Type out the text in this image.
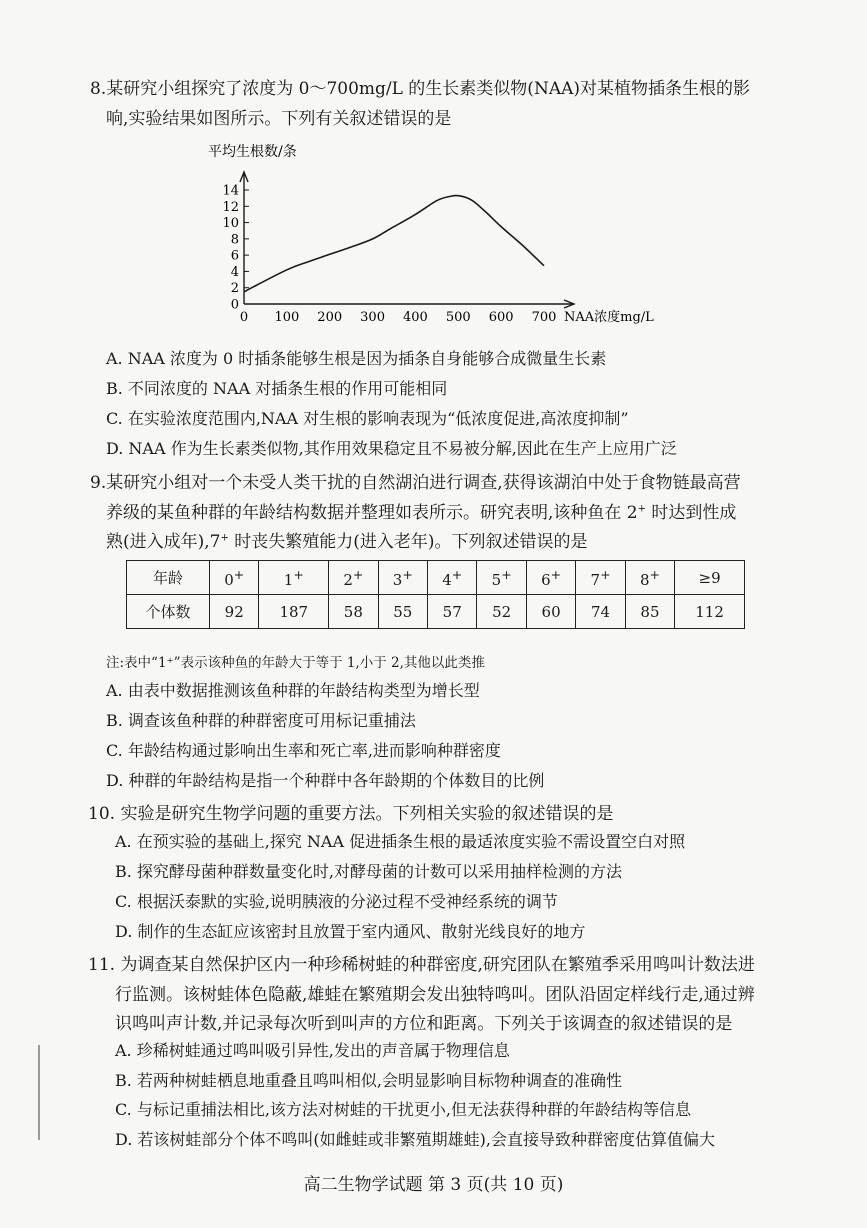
8.某研究小组探究了浓度为 0～700mg/L 的生长素类似物(NAA)对某植物插条生根的影
响,实验结果如图所示。下列有关叙述错误的是
平均生根数/条
0
2
4
6
8
10
12
14
0 100 200 300 400 500 600 700 NAA浓度mg/L
A. NAA 浓度为 0 时插条能够生根是因为插条自身能够合成微量生长素
B. 不同浓度的 NAA 对插条生根的作用可能相同
C. 在实验浓度范围内,NAA 对生根的影响表现为“低浓度促进,高浓度抑制”
D. NAA 作为生长素类似物,其作用效果稳定且不易被分解,因此在生产上应用广泛
9.某研究小组对一个未受人类干扰的自然湖泊进行调查,获得该湖泊中处于食物链最高营
养级的某鱼种群的年龄结构数据并整理如表所示。研究表明,该种鱼在 2+ 时达到性成
熟(进入成年),7+ 时丧失繁殖能力(进入老年)。下列叙述错误的是
年龄	0+	1+	2+	3+	4+	5+	6+	7+	8+	≥9
个体数	92	187	58	55	57	52	60	74	85	112
注:表中“1⁺”表示该种鱼的年龄大于等于 1,小于 2,其他以此类推
A. 由表中数据推测该鱼种群的年龄结构类型为增长型
B. 调查该鱼种群的种群密度可用标记重捕法
C. 年龄结构通过影响出生率和死亡率,进而影响种群密度
D. 种群的年龄结构是指一个种群中各年龄期的个体数目的比例
10. 实验是研究生物学问题的重要方法。下列相关实验的叙述错误的是
A. 在预实验的基础上,探究 NAA 促进插条生根的最适浓度实验不需设置空白对照
B. 探究酵母菌种群数量变化时,对酵母菌的计数可以采用抽样检测的方法
C. 根据沃泰默的实验,说明胰液的分泌过程不受神经系统的调节
D. 制作的生态缸应该密封且放置于室内通风、散射光线良好的地方
11. 为调查某自然保护区内一种珍稀树蛙的种群密度,研究团队在繁殖季采用鸣叫计数法进
行监测。该树蛙体色隐蔽,雄蛙在繁殖期会发出独特鸣叫。团队沿固定样线行走,通过辨
识鸣叫声计数,并记录每次听到叫声的方位和距离。下列关于该调查的叙述错误的是
A. 珍稀树蛙通过鸣叫吸引异性,发出的声音属于物理信息
B. 若两种树蛙栖息地重叠且鸣叫相似,会明显影响目标物种调查的准确性
C. 与标记重捕法相比,该方法对树蛙的干扰更小,但无法获得种群的年龄结构等信息
D. 若该树蛙部分个体不鸣叫(如雌蛙或非繁殖期雄蛙),会直接导致种群密度估算值偏大
高二生物学试题 第 3 页(共 10 页)
